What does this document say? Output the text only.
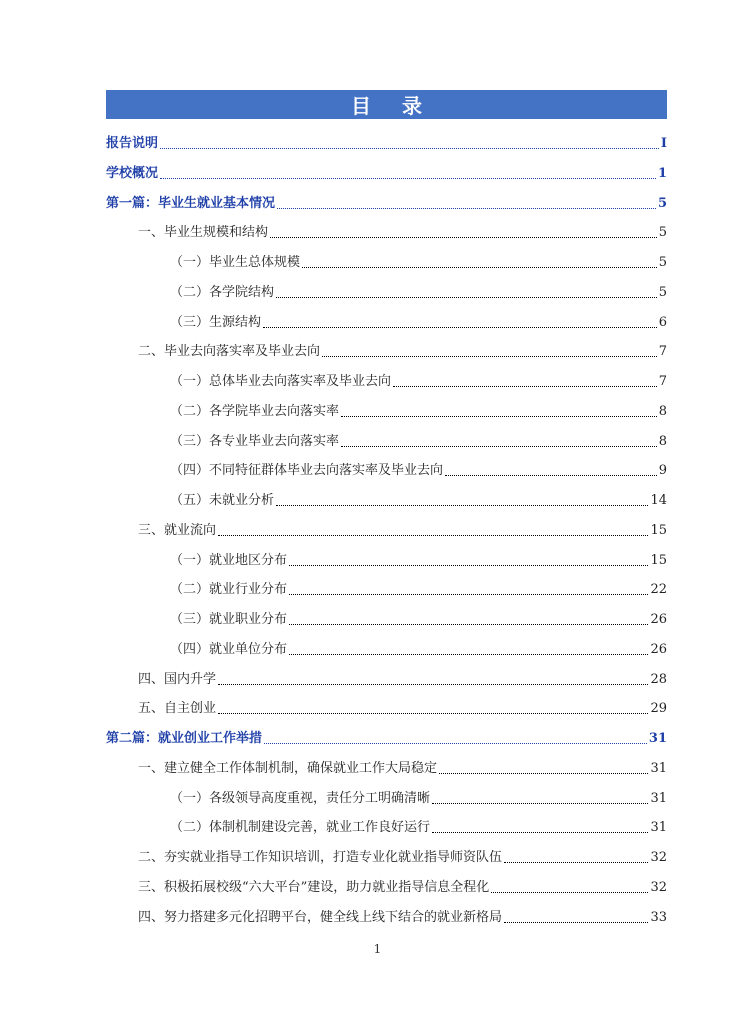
目 录
报告说明	I
学校概况	1
第一篇：毕业生就业基本情况	5
一、毕业生规模和结构	5
（一）毕业生总体规模	5
（二）各学院结构	5
（三）生源结构	6
二、毕业去向落实率及毕业去向	7
（一）总体毕业去向落实率及毕业去向	7
（二）各学院毕业去向落实率	8
（三）各专业毕业去向落实率	8
（四）不同特征群体毕业去向落实率及毕业去向	9
（五）未就业分析	14
三、就业流向	15
（一）就业地区分布	15
（二）就业行业分布	22
（三）就业职业分布	26
（四）就业单位分布	26
四、国内升学	28
五、自主创业	29
第二篇：就业创业工作举措	31
一、建立健全工作体制机制，确保就业工作大局稳定	31
（一）各级领导高度重视，责任分工明确清晰	31
（二）体制机制建设完善，就业工作良好运行	31
二、夯实就业指导工作知识培训，打造专业化就业指导师资队伍	32
三、积极拓展校级“六大平台”建设，助力就业指导信息全程化	32
四、努力搭建多元化招聘平台，健全线上线下结合的就业新格局	33
1
